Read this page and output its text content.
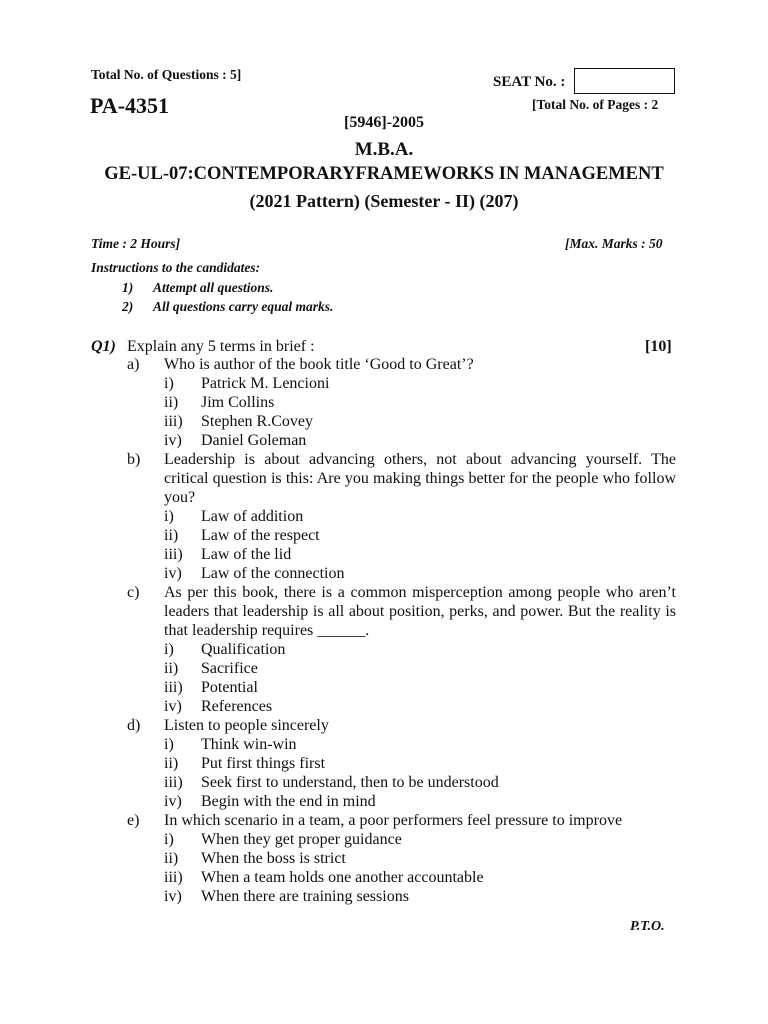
Total No. of Questions : 5]	SEAT No. :
PA-4351	[Total No. of Pages : 2
[5946]-2005
M.B.A.
GE-UL-07:CONTEMPORARYFRAMEWORKS IN MANAGEMENT
(2021 Pattern) (Semester - II) (207)
Time : 2 Hours]	[Max. Marks : 50
Instructions to the candidates:
1) Attempt all questions.
2) All questions carry equal marks.
Q1) Explain any 5 terms in brief :	[10]
a) Who is author of the book title ‘Good to Great’?
i) Patrick M. Lencioni
ii) Jim Collins
iii) Stephen R.Covey
iv) Daniel Goleman
b) Leadership is about advancing others, not about advancing yourself. The critical question is this: Are you making things better for the people who follow you?
i) Law of addition
ii) Law of the respect
iii) Law of the lid
iv) Law of the connection
c) As per this book, there is a common misperception among people who aren’t leaders that leadership is all about position, perks, and power. But the reality is that leadership requires ______.
i) Qualification
ii) Sacrifice
iii) Potential
iv) References
d) Listen to people sincerely
i) Think win-win
ii) Put first things first
iii) Seek first to understand, then to be understood
iv) Begin with the end in mind
e) In which scenario in a team, a poor performers feel pressure to improve
i) When they get proper guidance
ii) When the boss is strict
iii) When a team holds one another accountable
iv) When there are training sessions
P.T.O.
